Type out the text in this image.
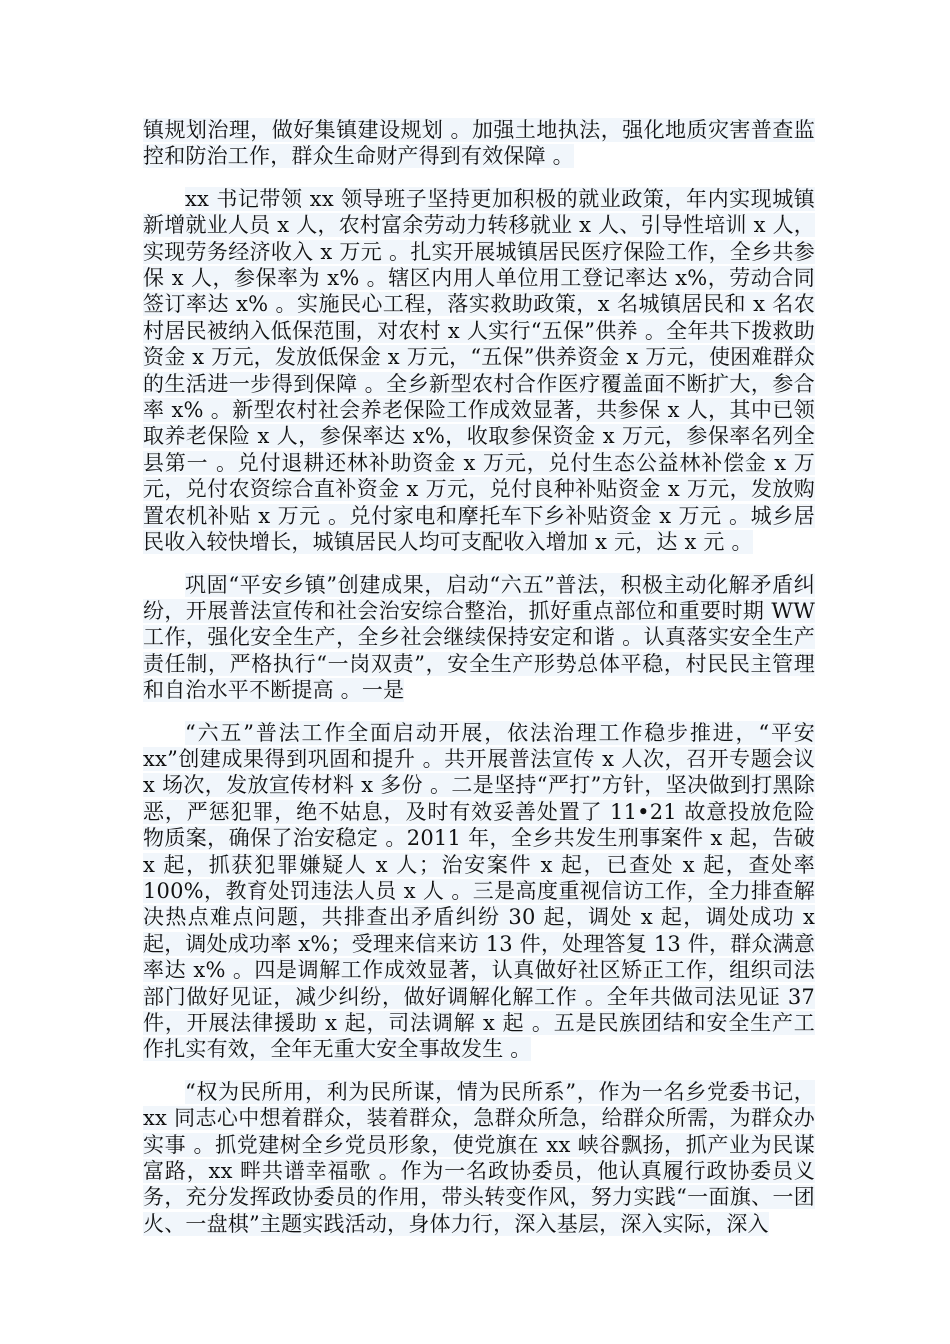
镇规划治理，做好集镇建设规划 。加强土地执法，强化地质灾害普查监控和防治工作，群众生命财产得到有效保障 。

xx 书记带领 xx 领导班子坚持更加积极的就业政策，年内实现城镇新增就业人员 x 人，农村富余劳动力转移就业 x 人、引导性培训 x 人，实现劳务经济收入 x 万元 。扎实开展城镇居民医疗保险工作，全乡共参保 x 人，参保率为 x% 。辖区内用人单位用工登记率达 x%，劳动合同签订率达 x% 。实施民心工程，落实救助政策，x 名城镇居民和 x 名农村居民被纳入低保范围，对农村 x 人实行“五保”供养 。全年共下拨救助资金 x 万元，发放低保金 x 万元，“五保”供养资金 x 万元，使困难群众的生活进一步得到保障 。全乡新型农村合作医疗覆盖面不断扩大，参合率 x% 。新型农村社会养老保险工作成效显著，共参保 x 人，其中已领取养老保险 x 人，参保率达 x%，收取参保资金 x 万元，参保率名列全县第一 。兑付退耕还林补助资金 x 万元，兑付生态公益林补偿金 x 万元，兑付农资综合直补资金 x 万元，兑付良种补贴资金 x 万元，发放购置农机补贴 x 万元 。兑付家电和摩托车下乡补贴资金 x 万元 。城乡居民收入较快增长，城镇居民人均可支配收入增加 x 元，达 x 元 。

巩固“平安乡镇”创建成果，启动“六五”普法，积极主动化解矛盾纠纷，开展普法宣传和社会治安综合整治，抓好重点部位和重要时期 WW 工作，强化安全生产，全乡社会继续保持安定和谐 。认真落实安全生产责任制，严格执行“一岗双责”，安全生产形势总体平稳，村民民主管理和自治水平不断提高 。一是

“六五”普法工作全面启动开展，依法治理工作稳步推进，“平安 xx”创建成果得到巩固和提升 。共开展普法宣传 x 人次，召开专题会议 x 场次，发放宣传材料 x 多份 。二是坚持“严打”方针，坚决做到打黑除恶，严惩犯罪，绝不姑息，及时有效妥善处置了 11•21 故意投放危险物质案，确保了治安稳定 。2011 年，全乡共发生刑事案件 x 起，告破 x 起，抓获犯罪嫌疑人 x 人；治安案件 x 起，已查处 x 起，查处率 100%，教育处罚违法人员 x 人 。三是高度重视信访工作，全力排查解决热点难点问题，共排查出矛盾纠纷 30 起，调处 x 起，调处成功 x 起，调处成功率 x%；受理来信来访 13 件，处理答复 13 件，群众满意率达 x% 。四是调解工作成效显著，认真做好社区矫正工作，组织司法部门做好见证，减少纠纷，做好调解化解工作 。全年共做司法见证 37 件，开展法律援助 x 起，司法调解 x 起 。五是民族团结和安全生产工作扎实有效，全年无重大安全事故发生 。

“权为民所用，利为民所谋，情为民所系”，作为一名乡党委书记，xx 同志心中想着群众，装着群众，急群众所急，给群众所需，为群众办实事 。抓党建树全乡党员形象，使党旗在 xx 峡谷飘扬，抓产业为民谋富路，xx 畔共谱幸福歌 。作为一名政协委员，他认真履行政协委员义务，充分发挥政协委员的作用，带头转变作风，努力实践“一面旗、一团火、一盘棋”主题实践活动，身体力行，深入基层，深入实际，深入
